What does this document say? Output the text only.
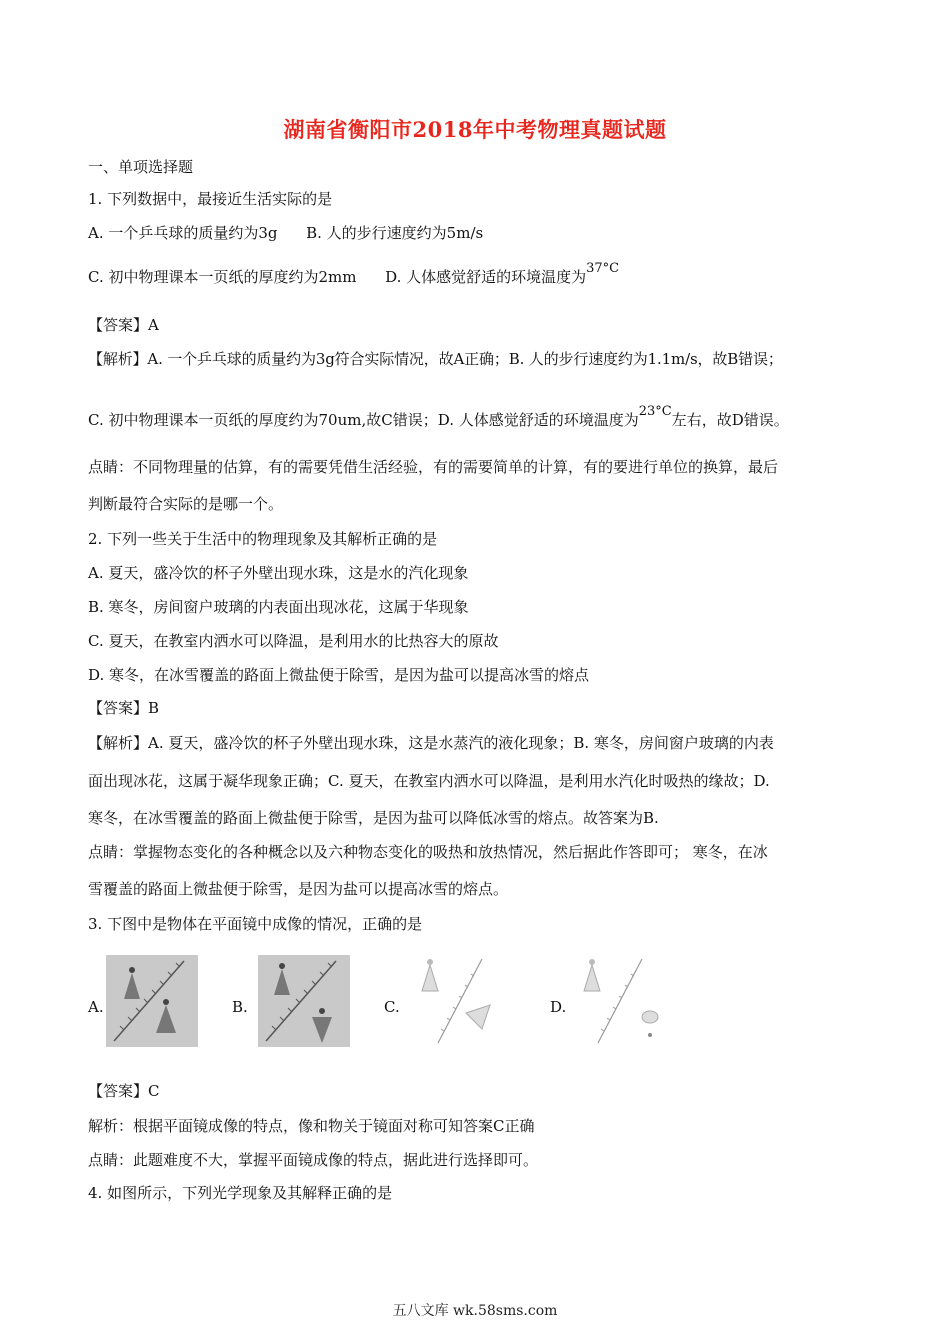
湖南省衡阳市2018年中考物理真题试题
一、单项选择题
1. 下列数据中，最接近生活实际的是
A. 一个乒乓球的质量约为3g      B. 人的步行速度约为5m/s
C. 初中物理课本一页纸的厚度约为2mm      D. 人体感觉舒适的环境温度为37°C
【答案】A
【解析】A. 一个乒乓球的质量约为3g符合实际情况，故A正确；B. 人的步行速度约为1.1m/s，故B错误；
C. 初中物理课本一页纸的厚度约为70um,故C错误；D. 人体感觉舒适的环境温度为23°C左右，故D错误。
点睛：不同物理量的估算，有的需要凭借生活经验，有的需要简单的计算，有的要进行单位的换算，最后
判断最符合实际的是哪一个。
2. 下列一些关于生活中的物理现象及其解析正确的是
A. 夏天，盛冷饮的杯子外壁出现水珠，这是水的汽化现象
B. 寒冬，房间窗户玻璃的内表面出现冰花，这属于华现象
C. 夏天，在教室内洒水可以降温，是利用水的比热容大的原故
D. 寒冬，在冰雪覆盖的路面上微盐便于除雪，是因为盐可以提高冰雪的熔点
【答案】B
【解析】A. 夏天，盛冷饮的杯子外壁出现水珠，这是水蒸汽的液化现象；B. 寒冬，房间窗户玻璃的内表
面出现冰花，这属于凝华现象正确；C. 夏天，在教室内洒水可以降温，是利用水汽化时吸热的缘故；D.
寒冬，在冰雪覆盖的路面上微盐便于除雪，是因为盐可以降低冰雪的熔点。故答案为B.
点睛：掌握物态变化的各种概念以及六种物态变化的吸热和放热情况，然后据此作答即可； 寒冬，在冰
雪覆盖的路面上微盐便于除雪，是因为盐可以提高冰雪的熔点。
3. 下图中是物体在平面镜中成像的情况，正确的是
A.	B.	C.	D.
【答案】C
解析：根据平面镜成像的特点，像和物关于镜面对称可知答案C正确
点睛：此题难度不大，掌握平面镜成像的特点，据此进行选择即可。
4. 如图所示，下列光学现象及其解释正确的是
五八文库 wk.58sms.com
